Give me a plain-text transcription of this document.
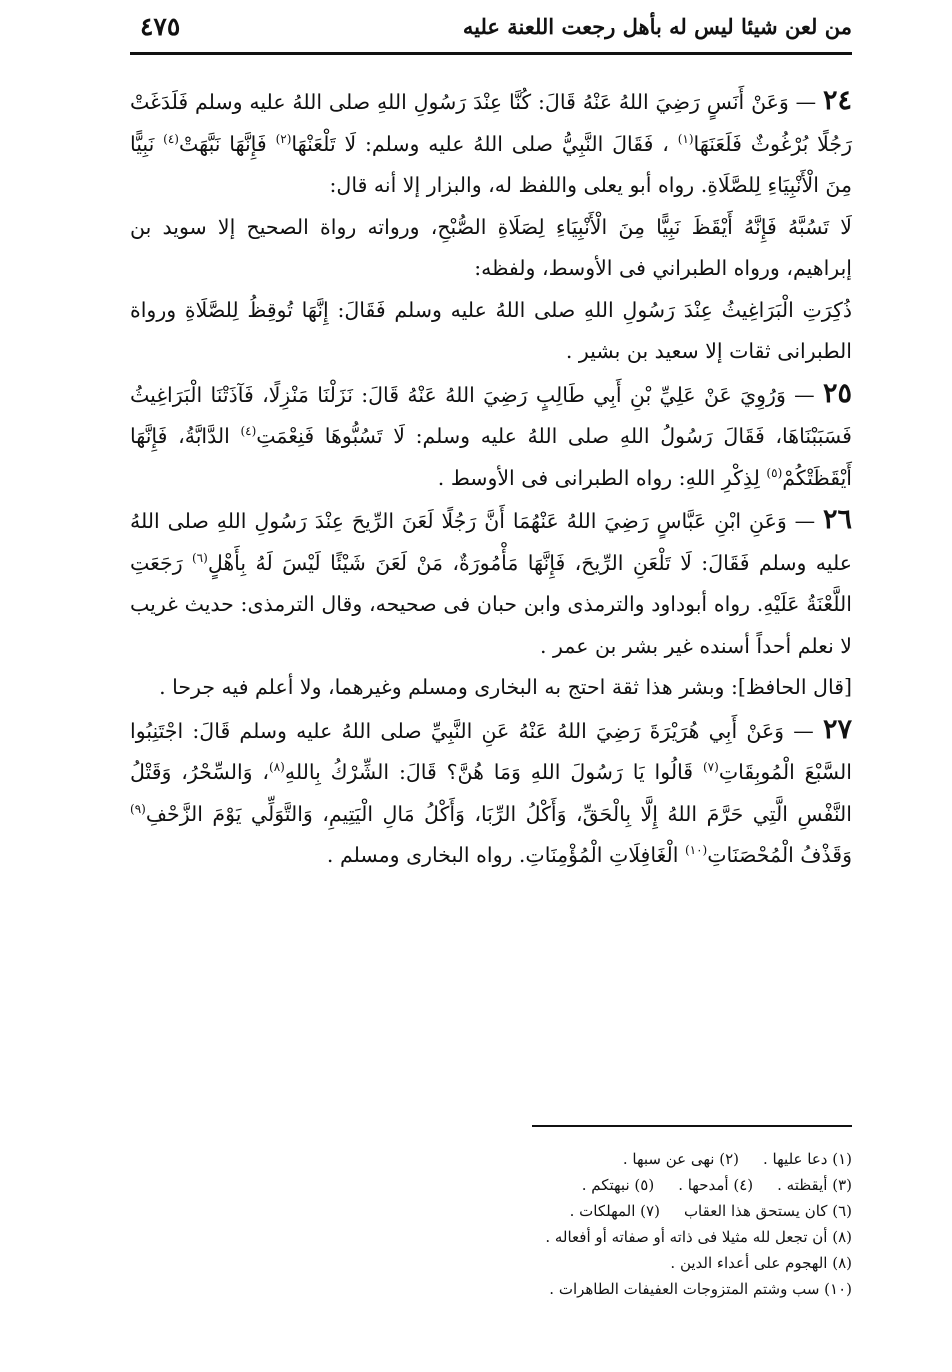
من لعن شيئا ليس له بأهل رجعت اللعنة عليه
٤٧٥

٢٤ — وَعَنْ أَنَسٍ رَضِيَ اللهُ عَنْهُ قَالَ: كُنَّا عِنْدَ رَسُولِ اللهِ صلى اللهُ عليه وسلم فَلَدَغَتْ رَجُلًا بُرْغُوثٌ فَلَعَنَهَا$^{(١)}$ ، فَقَالَ النَّبِيُّ صلى اللهُ عليه وسلم: لَا تَلْعَنْهَا$^{(٢)}$ فَإِنَّهَا نَبَّهَتْ$^{(٤)}$ نَبِيًّا مِنَ الْأَنْبِيَاءِ لِلصَّلَاةِ. رواه أبو يعلى واللفظ له، والبزار إلا أنه قال:

لَا تَسُبَّهُ فَإِنَّهُ أَيْقَظَ نَبِيًّا مِنَ الْأَنْبِيَاءِ لِصَلَاةِ الصُّبْحِ، ورواته رواة الصحيح إلا سويد بن إبراهيم، ورواه الطبراني فى الأوسط، ولفظه:

ذُكِرَتِ الْبَرَاغِيثُ عِنْدَ رَسُولِ اللهِ صلى اللهُ عليه وسلم فَقَالَ: إِنَّهَا تُوقِظُ لِلصَّلَاةِ ورواة الطبرانى ثقات إلا سعيد بن بشير .

٢٥ — وَرُوِيَ عَنْ عَلِيِّ بْنِ أَبِي طَالِبٍ رَضِيَ اللهُ عَنْهُ قَالَ: نَزَلْنَا مَنْزِلًا، فَآذَتْنَا الْبَرَاغِيثُ فَسَبَبْنَاهَا، فَقَالَ رَسُولُ اللهِ صلى اللهُ عليه وسلم: لَا تَسُبُّوهَا فَنِعْمَتِ$^{(٤)}$ الدَّابَّةُ، فَإِنَّهَا أَيْقَظَتْكُمْ$^{(٥)}$ لِذِكْرِ اللهِ: رواه الطبرانى فى الأوسط .

٢٦ — وَعَنِ ابْنِ عَبَّاسٍ رَضِيَ اللهُ عَنْهُمَا أَنَّ رَجُلًا لَعَنَ الرِّيحَ عِنْدَ رَسُولِ اللهِ صلى اللهُ عليه وسلم فَقَالَ: لَا تَلْعَنِ الرِّيحَ، فَإِنَّهَا مَأْمُورَةٌ، مَنْ لَعَنَ شَيْئًا لَيْسَ لَهُ بِأَهْلٍ$^{(٦)}$ رَجَعَتِ اللَّعْنَةُ عَلَيْهِ. رواه أبوداود والترمذى وابن حبان فى صحيحه، وقال الترمذى: حديث غريب لا نعلم أحداً أسنده غير بشر بن عمر .

[قال الحافظ]: وبشر هذا ثقة احتج به البخارى ومسلم وغيرهما، ولا أعلم فيه جرحا .

٢٧ — وَعَنْ أَبِي هُرَيْرَةَ رَضِيَ اللهُ عَنْهُ عَنِ النَّبِيِّ صلى اللهُ عليه وسلم قَالَ: اجْتَنِبُوا السَّبْعَ الْمُوبِقَاتِ$^{(٧)}$ قَالُوا يَا رَسُولَ اللهِ وَمَا هُنَّ؟ قَالَ: الشِّرْكُ بِاللهِ$^{(٨)}$، وَالسِّحْرُ، وَقَتْلُ النَّفْسِ الَّتِي حَرَّمَ اللهُ إِلَّا بِالْحَقِّ، وَأَكْلُ الرِّبَا، وَأَكْلُ مَالِ الْيَتِيمِ، وَالتَّوَلِّي يَوْمَ الزَّحْفِ$^{(٩)}$ وَقَذْفُ الْمُحْصَنَاتِ$^{(١٠)}$ الْغَافِلَاتِ الْمُؤْمِنَاتِ. رواه البخارى ومسلم .

(١) دعا عليها .
(٢) نهى عن سبها .
(٣) أيقظته .
(٤) أمدحها .
(٥) نبهتكم .
(٦) كان يستحق هذا العقاب
(٧) المهلكات .
(٨) أن تجعل لله مثيلا فى ذاته أو صفاته أو أفعاله .
(٨) الهجوم على أعداء الدين .
(١٠) سب وشتم المتزوجات العفيفات الطاهرات .
